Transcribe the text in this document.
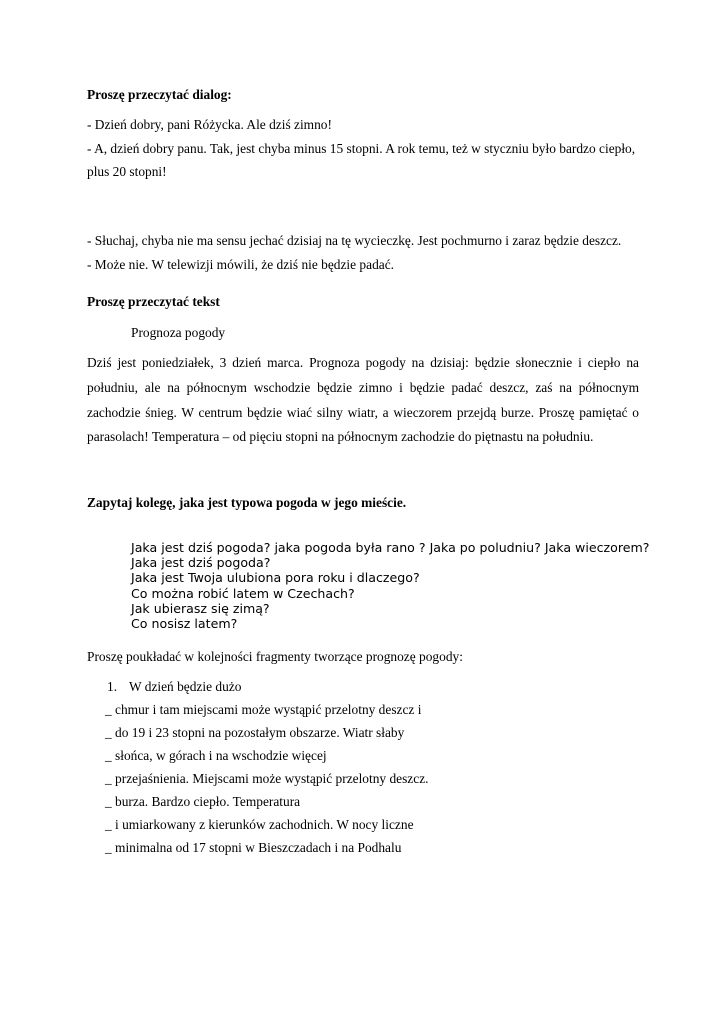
Proszę przeczytać dialog:
- Dzień dobry, pani Różycka. Ale dziś zimno!
- A, dzień dobry panu. Tak, jest chyba minus 15 stopni. A rok temu, też w styczniu było bardzo ciepło,
plus 20 stopni!
- Słuchaj, chyba nie ma sensu jechać dzisiaj na tę wycieczkę. Jest pochmurno i zaraz będzie deszcz.
- Może nie. W telewizji mówili, że dziś nie będzie padać.
Proszę przeczytać tekst
Prognoza pogody
Dziś jest poniedziałek, 3 dzień marca. Prognoza pogody na dzisiaj: będzie słonecznie i ciepło na południu, ale na północnym wschodzie będzie zimno i będzie padać deszcz, zaś na północnym zachodzie śnieg. W centrum będzie wiać silny wiatr, a wieczorem przejdą burze. Proszę pamiętać o parasolach! Temperatura – od pięciu stopni na północnym zachodzie do piętnastu na południu.
Zapytaj kolegę, jaka jest typowa pogoda w jego mieście.
Jaka jest dziś pogoda? jaka pogoda była rano ? Jaka po poludniu? Jaka wieczorem?
Jaka jest dziś pogoda?
Jaka jest Twoja ulubiona pora roku i dlaczego?
Co można robić latem w Czechach?
Jak ubierasz się zimą?
Co nosisz latem?
Proszę poukładać w kolejności fragmenty tworzące prognozę pogody:
1. W dzień będzie dużo
_ chmur i tam miejscami może wystąpić przelotny deszcz i
_ do 19 i 23 stopni na pozostałym obszarze. Wiatr słaby
_ słońca, w górach i na wschodzie więcej
_ przejaśnienia. Miejscami może wystąpić przelotny deszcz.
_ burza. Bardzo ciepło. Temperatura
_ i umiarkowany z kierunków zachodnich. W nocy liczne
_ minimalna od 17 stopni w Bieszczadach i na Podhalu
